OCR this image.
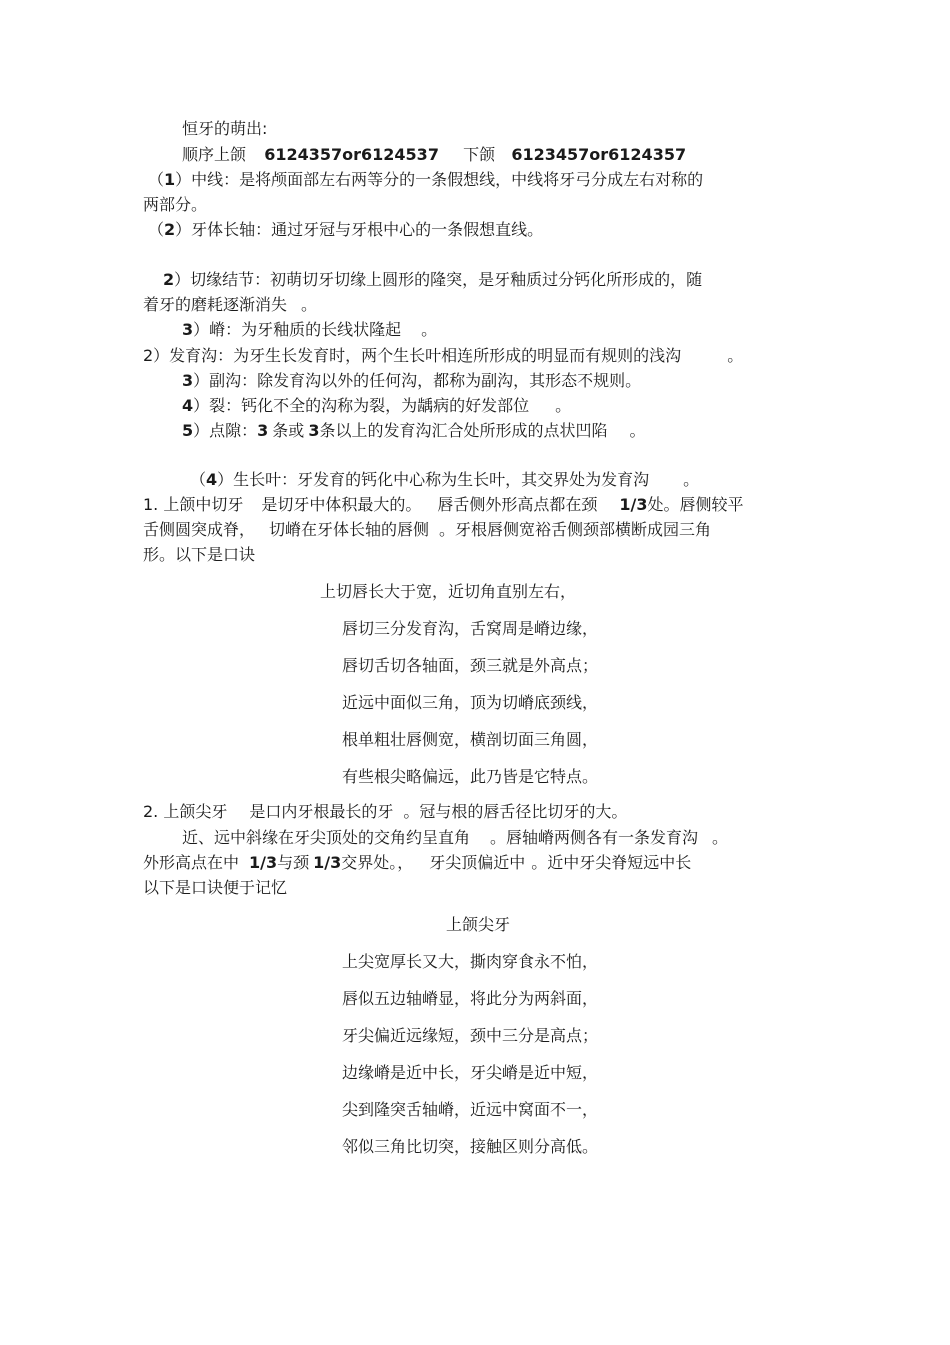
恒牙的萌出:
顺序上颌 6124357or6124537 下颌 6123457or6124357
（1）中线：是将颅面部左右两等分的一条假想线，中线将牙弓分成左右对称的
两部分。
（2）牙体长轴：通过牙冠与牙根中心的一条假想直线。
2）切缘结节：初萌切牙切缘上圆形的隆突，是牙釉质过分钙化所形成的，随
着牙的磨耗逐渐消失 。
3）嵴：为牙釉质的长线状隆起 。
2）发育沟：为牙生长发育时，两个生长叶相连所形成的明显而有规则的浅沟	。
3）副沟：除发育沟以外的任何沟，都称为副沟，其形态不规则。
4）裂：钙化不全的沟称为裂，为龋病的好发部位 。
5）点隙：3 条或 3条以上的发育沟汇合处所形成的点状凹陷 。
（4）生长叶：牙发育的钙化中心称为生长叶，其交界处为发育沟 。
1. 上颌中切牙 是切牙中体积最大的。 唇舌侧外形高点都在颈 1/3处。唇侧较平
舌侧圆突成脊， 切嵴在牙体长轴的唇侧 。牙根唇侧宽裕舌侧颈部横断成园三角
形。以下是口诀
上切唇长大于宽，近切角直别左右，
唇切三分发育沟，舌窝周是嵴边缘，
唇切舌切各轴面，颈三就是外高点；
近远中面似三角，顶为切嵴底颈线，
根单粗壮唇侧宽，横剖切面三角圆，
有些根尖略偏远，此乃皆是它特点。
2. 上颌尖牙 是口内牙根最长的牙 。冠与根的唇舌径比切牙的大。
近、远中斜缘在牙尖顶处的交角约呈直角 。唇轴嵴两侧各有一条发育沟 。
外形高点在中 1/3与颈 1/3交界处。， 牙尖顶偏近中 。近中牙尖脊短远中长
以下是口诀便于记忆
上颌尖牙
上尖宽厚长又大，撕肉穿食永不怕，
唇似五边轴嵴显，将此分为两斜面，
牙尖偏近远缘短，颈中三分是高点；
边缘嵴是近中长，牙尖嵴是近中短，
尖到隆突舌轴嵴，近远中窝面不一，
邻似三角比切突，接触区则分高低。
